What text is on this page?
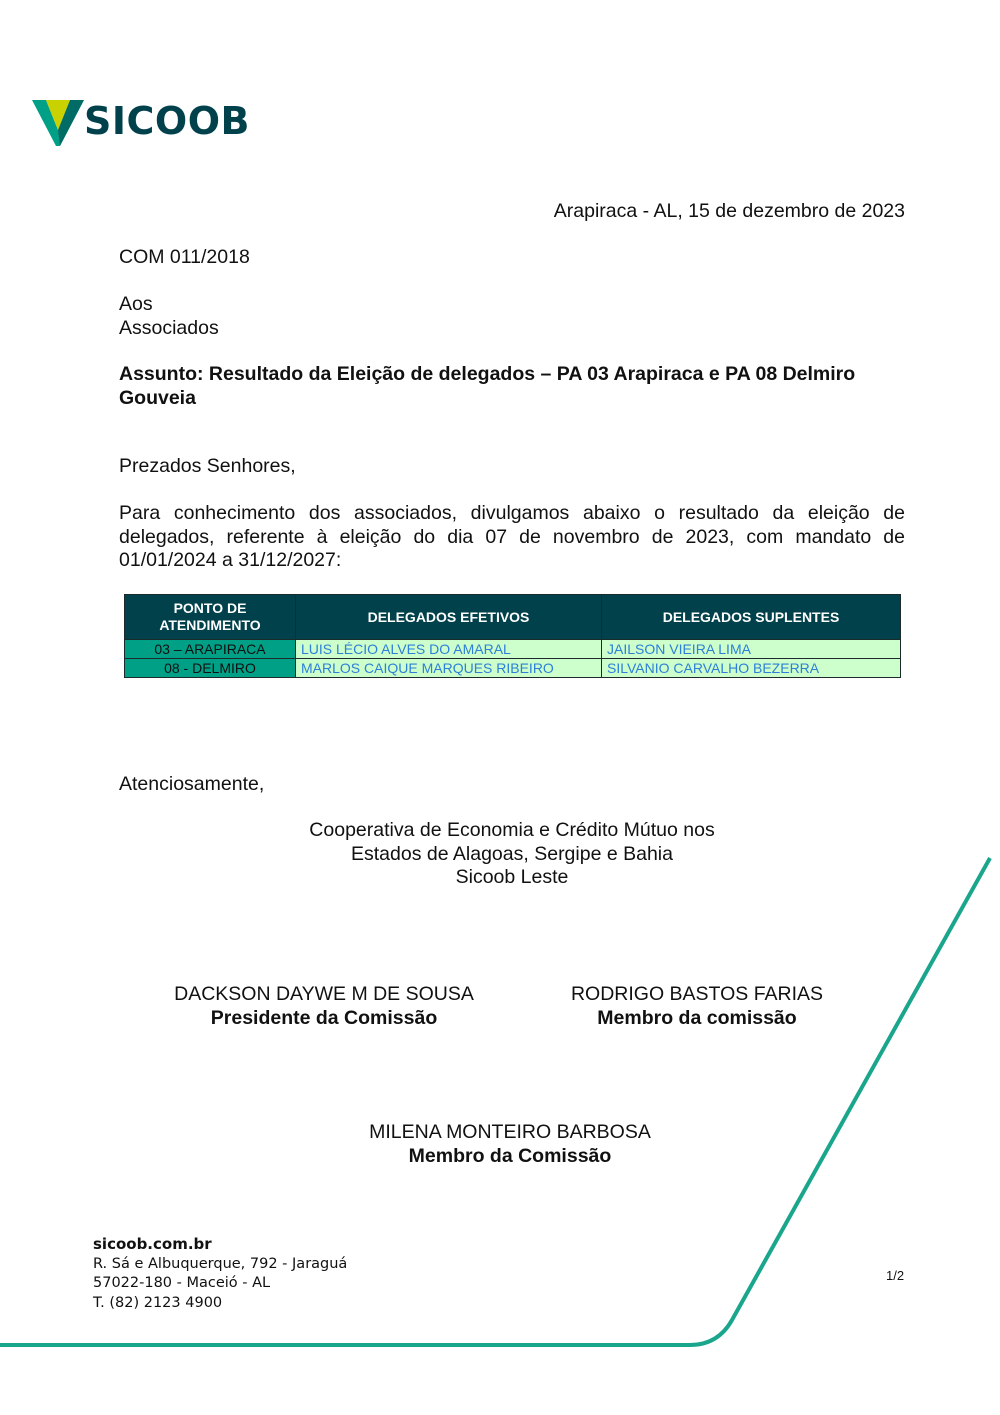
SICOOB
Arapiraca - AL, 15 de dezembro de 2023
COM 011/2018
Aos
Associados
Assunto: Resultado da Eleição de delegados – PA 03 Arapiraca e PA 08 Delmiro Gouveia
Prezados Senhores,
Para conhecimento dos associados, divulgamos abaixo o resultado da eleição de delegados, referente à eleição do dia 07 de novembro de 2023, com mandato de 01/01/2024 a 31/12/2027:
PONTO DE ATENDIMENTO	DELEGADOS EFETIVOS	DELEGADOS SUPLENTES
03 – ARAPIRACA	LUIS LÉCIO ALVES DO AMARAL	JAILSON VIEIRA LIMA
08 - DELMIRO	MARLOS CAIQUE MARQUES RIBEIRO	SILVANIO CARVALHO BEZERRA
Atenciosamente,
Cooperativa de Economia e Crédito Mútuo nos
Estados de Alagoas, Sergipe e Bahia
Sicoob Leste
DACKSON DAYWE M DE SOUSA
Presidente da Comissão
RODRIGO BASTOS FARIAS
Membro da comissão
MILENA MONTEIRO BARBOSA
Membro da Comissão
sicoob.com.br
R. Sá e Albuquerque, 792 - Jaraguá
57022-180 - Maceió - AL
T. (82) 2123 4900
1/2
